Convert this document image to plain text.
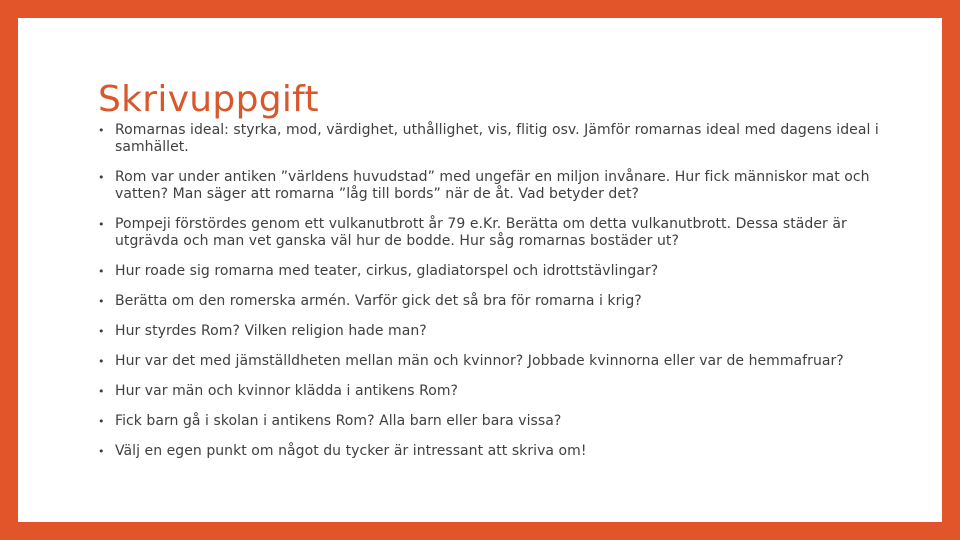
Skrivuppgift
• Romarnas ideal: styrka, mod, värdighet, uthållighet, vis, flitig osv. Jämför romarnas ideal med dagens ideal i samhället.
• Rom var under antiken ”världens huvudstad” med ungefär en miljon invånare. Hur fick människor mat och vatten? Man säger att romarna ”låg till bords” när de åt. Vad betyder det?
• Pompeji förstördes genom ett vulkanutbrott år 79 e.Kr. Berätta om detta vulkanutbrott. Dessa städer är utgrävda och man vet ganska väl hur de bodde. Hur såg romarnas bostäder ut?
• Hur roade sig romarna med teater, cirkus, gladiatorspel och idrottstävlingar?
• Berätta om den romerska armén. Varför gick det så bra för romarna i krig?
• Hur styrdes Rom? Vilken religion hade man?
• Hur var det med jämställdheten mellan män och kvinnor? Jobbade kvinnorna eller var de hemmafruar?
• Hur var män och kvinnor klädda i antikens Rom?
• Fick barn gå i skolan i antikens Rom? Alla barn eller bara vissa?
• Välj en egen punkt om något du tycker är intressant att skriva om!
